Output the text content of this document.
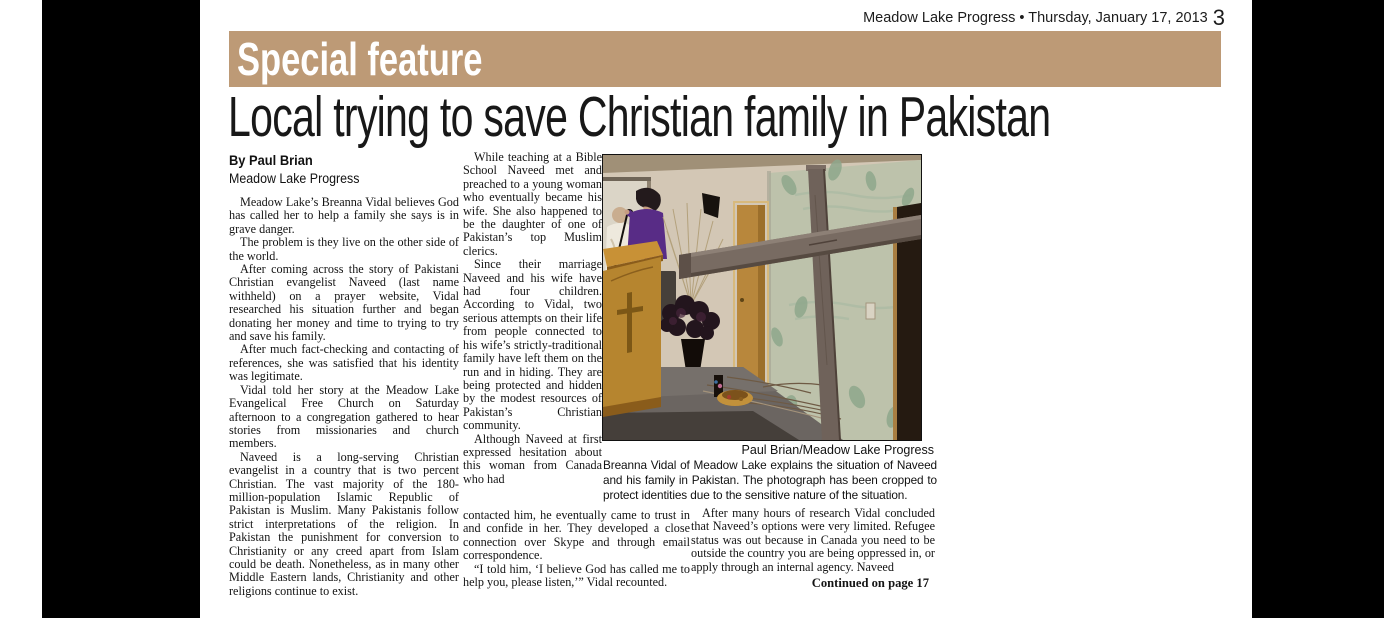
Meadow Lake Progress • Thursday, January 17, 2013 3
Special feature
Local trying to save Christian family in Pakistan
By Paul Brian
Meadow Lake Progress

Meadow Lake’s Breanna Vidal believes God has called her to help a family she says is in grave danger.

The problem is they live on the other side of the world.

After coming across the story of Pakistani Christian evangelist Naveed (last name withheld) on a prayer website, Vidal researched his situation further and began donating her money and time to trying to try and save his family.

After much fact-checking and contacting of references, she was satisfied that his identity was legitimate.

Vidal told her story at the Meadow Lake Evangelical Free Church on Saturday afternoon to a congregation gathered to hear stories from missionaries and church members.

Naveed is a long-serving Christian evangelist in a country that is two percent Christian. The vast majority of the 180-million-population Islamic Republic of Pakistan is Muslim. Many Pakistanis follow strict interpretations of the religion. In Pakistan the punishment for conversion to Christianity or any creed apart from Islam could be death. Nonetheless, as in many other Middle Eastern lands, Christianity and other religions continue to exist.

While teaching at a Bible School Naveed met and preached to a young woman who eventually became his wife. She also happened to be the daughter of one of Pakistan’s top Muslim clerics.

Since their marriage Naveed and his wife have had four children. According to Vidal, two serious attempts on their life from people connected to his wife’s strictly-traditional family have left them on the run and in hiding. They are being protected and hidden by the modest resources of Pakistan’s Christian community.

Although Naveed at first expressed hesitation about this woman from Canada who had

contacted him, he eventually came to trust in and confide in her. They developed a close connection over Skype and through email correspondence.

“I told him, ‘I believe God has called me to help you, please listen,’” Vidal recounted.

After many hours of research Vidal concluded that Naveed’s options were very limited. Refugee status was out because in Canada you need to be outside the country you are being oppressed in, or apply through an internal agency. Naveed

Continued on page 17

Paul Brian/Meadow Lake Progress
Breanna Vidal of Meadow Lake explains the situation of Naveed and his family in Pakistan. The photograph has been cropped to protect identities due to the sensitive nature of the situation.
